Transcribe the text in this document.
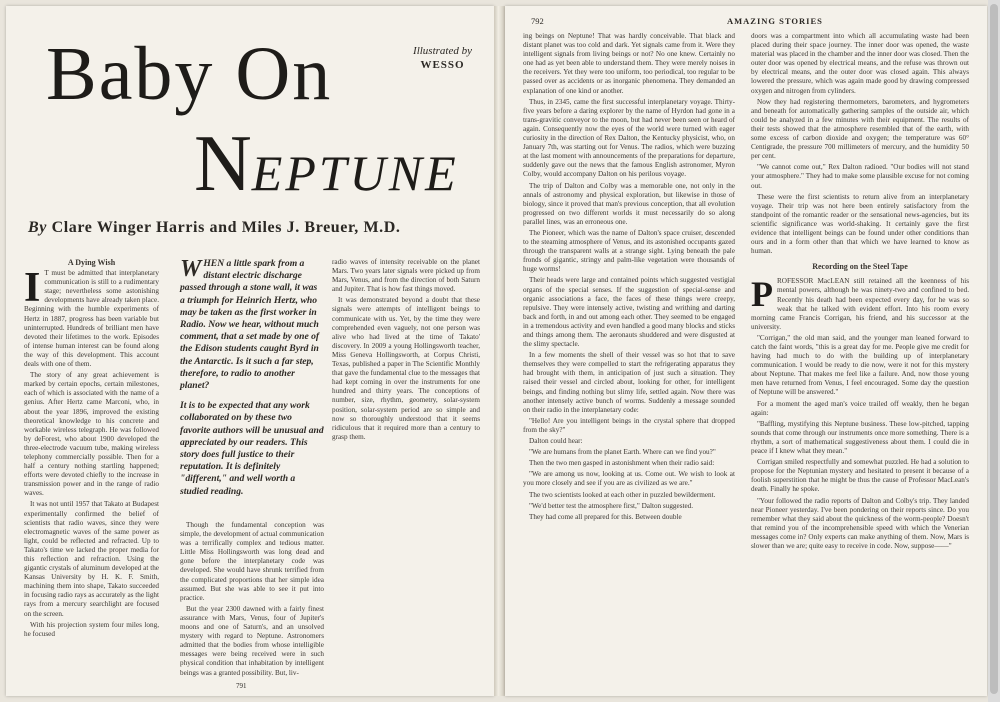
Baby On
NEPTUNE
Illustrated by
WESSO
By Clare Winger Harris and Miles J. Breuer, M.D.

A Dying Wish

I T must be admitted that interplanetary communication is still to a rudimentary stage; nevertheless some astonishing developments have already taken place. Beginning with the humble experiments of Hertz in 1887, progress has been variable but uninterrupted. Hundreds of brilliant men have devoted their lifetimes to the work. Episodes of intense human interest can be found along the way of this development. This account deals with one of them.

The story of any great achievement is marked by certain epochs, certain milestones, each of which is associated with the name of a genius. After Hertz came Marconi, who, in about the year 1896, improved the existing theoretical knowledge to his concrete and workable wireless telegraph. He was followed by deForest, who about 1900 developed the three-electrode vacuum tube, making wireless telephony commercially possible. Then for a half a century nothing startling happened; efforts were devoted chiefly to the increase in transmission power and in the range of radio waves.

It was not until 1957 that Takato at Budapest experimentally confirmed the belief of scientists that radio waves, since they were electromagnetic waves of the same power as light, could be reflected and refracted. Up to Takato's time we lacked the proper media for this reflection and refraction. Using the gigantic crystals of aluminum developed at the Kansas University by H. K. F. Smith, machining them into shape, Takato succeeded in focusing radio rays as accurately as the light rays from a mercury searchlight are focused on the screen.

With his projection system four miles long, he focused

WHEN a little spark from a distant electric discharge passed through a stone wall, it was a triumph for Heinrich Hertz, who may be taken as the first worker in Radio. Now we hear, without much comment, that a set made by one of the Edison students caught Byrd in the Antarctic. Is it such a far step, therefore, to radio to another planet?

It is to be expected that any work collaborated on by these two favorite authors will be unusual and appreciated by our readers. This story does full justice to their reputation. It is definitely "different," and well worth a studied reading.

Though the fundamental conception was simple, the development of actual communication was a terrifically complex and tedious matter. Little Miss Hollingsworth was long dead and gone before the interplanetary code was developed. She would have shrunk terrified from the complicated proportions that her simple idea assumed. But she was able to see it put into practice.

But the year 2300 dawned with a fairly finest assurance with Mars, Venus, four of Jupiter's moons and one of Saturn's, and an unsolved mystery with regard to Neptune. Astronomers admitted that the bodies from whose intelligible messages were being received were in such physical condition that inhabitation by intelligent beings was a granted possibility. But, liv-

radio waves of intensity receivable on the planet Mars. Two years later signals were picked up from Mars, Venus, and from the direction of both Saturn and Jupiter. That is how fast things moved.

It was demonstrated beyond a doubt that these signals were attempts of intelligent beings to communicate with us. Yet, by the time they were comprehended even vaguely, not one person was alive who had lived at the time of Takato' discovery. In 2009 a young Hollingsworth teacher, Miss Geneva Hollingsworth, at Corpus Christi, Texas, published a paper in The Scientific Monthly that gave the fundamental clue to the messages that had kept coming in over the instruments for one hundred and thirty years. The conceptions of number, size, rhythm, geometry, solar-system position, solar-system period are so simple and now so thoroughly understood that it seems ridiculous that it required more than a century to grasp them.

791
792	AMAZING STORIES

ing beings on Neptune! That was hardly conceivable. That black and distant planet was too cold and dark. Yet signals came from it. Were they intelligent signals from living beings or not? No one knew. Certainly no one had as yet been able to understand them. They were merely noises in the receivers. Yet they were too uniform, too periodical, too regular to be passed over as accidents or as inorganic phenomena. They demanded an explanation of one kind or another.

Thus, in 2345, came the first successful interplanetary voyage. Thirty-five years before a daring explorer by the name of Hyrdon had gone in a trans-gravitic conveyor to the moon, but had never been seen or heard of again. Consequently now the eyes of the world were turned with eager curiosity in the direction of Rex Dalton, the Kentucky physicist, who, on January 7th, was starting out for Venus. The radios, which were buzzing at the last moment with announcements of the preparations for departure, suddenly gave out the news that the famous English astronomer, Myron Colby, would accompany Dalton on his perilous voyage.

The trip of Dalton and Colby was a memorable one, not only in the annals of astronomy and physical exploration, but likewise in those of biology, since it proved that man's previous conception, that all evolution progressed on two different worlds it must necessarily do so along parallel lines, was an erroneous one.

The Pioneer, which was the name of Dalton's space cruiser, descended to the steaming atmosphere of Venus, and its astonished occupants gazed through the transparent walls at a strange sight. Lying beneath the pale fronds of gigantic, stringy and palm-like vegetation were thousands of huge worms!

Their heads were large and contained points which suggested vestigial organs of the special senses. If the suggestion of special-sense and organic associations a face, the faces of these things were creepy, repulsive. They were intensely active, twisting and writhing and darting back and forth, in and out among each other. They seemed to be engaged in a tremendous activity and even handled a good many blocks and sticks and things among them. The aeronauts shuddered and were disgusted at the slimy spectacle.

In a few moments the shell of their vessel was so hot that to save themselves they were compelled to start the refrigerating apparatus they had brought with them, in anticipation of just such a situation. They raised their vessel and circled about, looking for other, for intelligent beings, and finding nothing but slimy life, settled again. Now there was another intensely active bunch of worms. Suddenly a message sounded on their radio in the interplanetary code:

"Hello! Are you intelligent beings in the crystal sphere that dropped from the sky?"

Dalton could hear:

"We are humans from the planet Earth. Where can we find you?"

Then the two men gasped in astonishment when their radio said:

"We are among us now, looking at us. Come out. We wish to look at you more closely and see if you are as civilized as we are."

The two scientists looked at each other in puzzled bewilderment.

"We'd better test the atmosphere first," Dalton suggested.

They had come all prepared for this. Between double

doors was a compartment into which all accumulating waste had been placed during their space journey. The inner door was opened, the waste material was placed in the chamber and the inner door was closed. Then the outer door was opened by electrical means, and the refuse was thrown out by electrical means, and the outer door was closed again. This always lowered the pressure, which was again made good by drawing compressed oxygen and nitrogen from cylinders.

Now they had registering thermometers, barometers, and hygrometers and beneath for automatically gathering samples of the outside air, which could be analyzed in a few minutes with their equipment. The results of their tests showed that the atmosphere resembled that of the earth, with some excess of carbon dioxide and oxygen; the temperature was 60° Centigrade, the pressure 700 millimeters of mercury, and the humidity 50 per cent.

"We cannot come out," Rex Dalton radioed. "Our bodies will not stand your atmosphere." They had to make some plausible excuse for not coming out.

These were the first scientists to return alive from an interplanetary voyage. Their trip was not here been entirely satisfactory from the standpoint of the romantic reader or the sensational news-agencies, but its scientific significance was world-shaking. It certainly gave the first evidence that intelligent beings can be found under other conditions than ours and in a form other than that which we have learned to know as human.

Recording on the Steel Tape

PROFESSOR MacLEAN still retained all the keenness of his mental powers, although he was ninety-two and confined to bed. Recently his death had been expected every day, for he was so weak that he talked with evident effort. Into his room every morning came Francis Corrigan, his friend, and his successor at the university.

"Corrigan," the old man said, and the younger man leaned forward to catch the faint words, "this is a great day for me. People give me credit for having had much to do with the building up of interplanetary communication. I would be ready to die now, were it not for this mystery about Neptune. That makes me feel like a failure. And, now those young men have returned from Venus, I feel encouraged. Some day the question of Neptune will be answered."

For a moment the aged man's voice trailed off weakly, then he began again:

"Baffling, mystifying this Neptune business. These low-pitched, tapping sounds that come through our instruments once more something. There is a rhythm, a sort of mathematical suggestiveness about them. I could die in peace if I knew what they mean."

Corrigan smiled respectfully and somewhat puzzled. He had a solution to propose for the Neptunian mystery and hesitated to present it because of a foolish superstition that he might be thus the cause of Professor MacLean's death. Finally he spoke.

"Your followed the radio reports of Dalton and Colby's trip. They landed near Pioneer yesterday. I've been pondering on their reports since. Do you remember what they said about the quickness of the worm-people? Doesn't that remind you of the incomprehensible speed with which the Venerian messages come in? Only experts can make anything of them. Now, Mars is slower than we are; quite easy to receive in code. Now, suppose——"
